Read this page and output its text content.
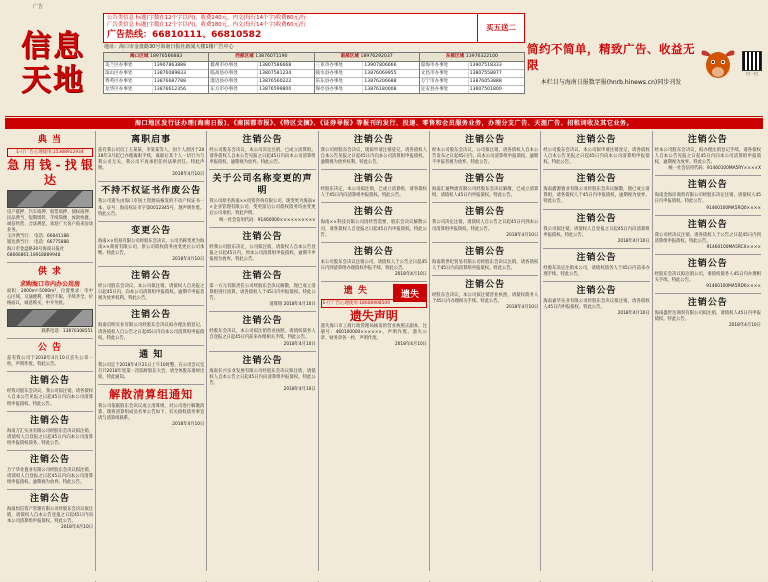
广告
信息
天地
公告类信息 标题(字数在12个字以内)，收费240元，内文(每行14个字)收费80元/行
广告类信息 标题(字数在12个字以内)，收费180元，内文(每行14个字)收费60元/行
广告热线：66810111、66810582
买五送二
地址：海口市金盘路30号海南日报社新闻大楼1楼广告中心
海口区域 18976566883
美兰区办事处	13907863888
琼山区办事处	13876089833
秀英区办事处	13876687788
龙华区办事处	13876612356
西部区域 13876071190
儋州市办事处	13807586668
临高县办事处	13807581234
澄迈县办事处	13876560222
东方市办事处	13876599800
南部区域 18976292037
三亚市办事处	13907806666
陵水县办事处	13876069955
乐东县办事处	13876206688
保亭县办事处	13876180008
东部区域 13976322100
琼海市办事处	13907518333
文昌市办事处	13807558877
万宁市办事处	13876053888
定安县办事处	13607501800
简约不简单，精致广告、收益无限
本栏目与海南日报数字报(hnrb.hinews.cn)同步刊发
扫一扫
海口地区发行证办理(海南日报)、《南国都市报》、《特区文摘》、《证券导报》等报刊的发行、投递、零售和会员服务业务，办理分支广告、天涯广告、招租词收及其它业务。
典 当
E-厅广告心理使用:15388912934
急 用 钱 - 找 银 达
房产抵押、汽车质押、股票质押、债权质押、民品典当、短期周转、手续简便、放款快捷。诚信经营、合法规范，欢迎广大客户前来洽谈业务。
玉沙典当行： 电话：66841188
银达典当行： 电话：66775888
海口市金盘路30号海南日报社
68666861,18918889948
供 求
求购海口市内办公用房
面积：2000m²-5000m²，位置要求：市中心区域，交通便利，楼层不限，手续齐全，价格面议，诚意购买，中介勿扰。
联系电话：13870308551
公 告
兹有我公司于2018年4月10日丢失公章一枚，声明作废。特此公告。
注销公告
经我司股东会决议，我公司拟注销，请各债权人自本公告见报之日起45日内向本公司清算组申报债权。特此公告。
注销公告
海南万汇实业有限公司经股东会决议拟注销，请债权人自登报之日起45日内向本公司清算组申报债权债务。特此公告。
注销公告
万宁华业置业有限公司经股东会决议拟注销，请债权人自登报之日起45日内向本公司清算组申报债权，逾期视为放弃。特此公告。
注销公告
海南恒信资产管理有限公司经股东会决议拟注销，请债权人自本公告登报之日起45日内向本公司清算组申报债权。特此公告。
2018年4月10日
离职启事
兹有我公司员工王某某、李某某等人，因个人原因于2018年3月起已办理离职手续，离职后其个人一切行为与我公司无关，我公司不再承担任何法律责任。特此声明。
2018年4月10日
不持不权证书作废公告
我公司遗失由海口市国土资源局核发的不动产权证书一本，证号：海房权证市字第0012345号，现声明作废。特此公告。
变更公告
海南××贸易有限公司经股东会决议，公司名称变更为海南××商贸有限公司，原公司债权债务由变更后公司承继。特此公告。
2018年4月10日
注销公告
经公司股东会决议，本公司拟注销。请债权人自见报之日起45日内，向本公司清算组申报债权。逾期不申报者视为放弃权利。特此公告。
注销公告
海南启明实业有限公司经股东会决议拟办理注销登记，请各债权人自公告之日起45日内向本公司清算组申报债权。特此公告。
通 知
我公司定于2018年4月21日上午10时整，在公司会议室召开2018年度第一次临时股东大会，请全体股东准时出席。特此通知。
解散清算组通知
我公司依据股东会决议成立清算组，对公司进行解散清算，现将清算组成员名单公告如下，有关债权债务事宜请与清算组联系。
2018年4月10日
注销公告
经公司股东会决议，本公司决定注销，已成立清算组。请各债权人自本公告见报之日起45日内向本公司清算组申报债权，逾期视为放弃。特此公告。
关于公司名称变更的声明
我公司原名海南××投资咨询有限公司，现变更为海南××企业管理有限公司，变更前后公司债权债务均由变更后公司承担。特此声明。
统一社会信用代码：91460000××××××××××
注销公告
经我公司股东决定，公司拟注销，请债权人自本公告登报之日起45日内，到本公司清算组申报债权，逾期不申报视为放弃。特此公告。
注销公告
第一方元有限责任公司经股东会决议解散，现已成立清算组进行清算，请各债权人于45日内申报债权。特此公告。
清算组 2018年4月10日
注销公告
经股东会决议，本公司拟注销营业执照，请债权债务人自登报之日起45日内前来办理相关手续。特此公告。
2018年4月10日
注销公告
海南长兴实业发展有限公司经股东会决议拟注销，请债权人自本公告之日起45日内向清算组申报债权。特此公告。
2018年4月10日
注销公告
我公司经股东会决议，现拟申请注销登记，请各债权人自本公告见报之日起45日内向本公司清算组申报债权，逾期视为放弃权利。特此公告。
注销公告
经股东决定，本公司拟注销，已成立清算组，请各债权人于45日内向清算组申报债权。特此公告。
注销公告
海南××科技有限公司因经营需要，股东会决议解散公司，请各债权人自登报之日起45日内申报债权。特此公告。
注销公告
本公司股东会决议注销公司，请债权人于公告之日起45日内到清算组办理债权申报手续。特此公告。
2018年4月10日
遗失
遗 失
E-厅广告心理使用:18608908509
遗失声明
遗失海口市工商行政管理局核发的营业执照正副本，注册号：460100000××××××，声明作废。遗失公章、财务章各一枚，声明作废。
2018年4月10日
注销公告
经本公司股东会决议，公司拟注销，请各债权人自本公告发布之日起45日内，向本公司清算组申报债权，逾期不申报者视为放弃。特此公告。
注销公告
海南汇通物流有限公司经股东会决议解散，已成立清算组，请债权人45日内申报债权。特此公告。
注销公告
我公司决定注销，请债权人自公告之日起45日内到本公司清算组申报债权。特此公告。
2018年4月10日
注销公告
海南新世纪贸易有限公司经股东会决议注销，请各债权人于45日内向清算组申报债权。特此公告。
注销公告
经股东会决议，本公司拟注销营业执照，请债权债务人于45日内办理相关手续。特此公告。
2018年4月10日
注销公告
经公司股东会决议，本公司拟申请注销登记，请各债权人自本公告见报之日起45日内向本公司清算组申报债权。特此公告。
注销公告
海南鑫源置业有限公司经股东会决议解散，现已成立清算组，请各债权人于45日内申报债权，逾期视为放弃。特此公告。
注销公告
我公司拟注销，请债权人自登报之日起45日内向清算组申报债权。特此公告。
2018年4月10日
注销公告
经股东决定注销本公司，请债权债务人于45日内前来办理手续。特此公告。
注销公告
海南嘉华实业有限公司经股东会决议拟注销，请各债权人45日内申报债权。特此公告。
2018年4月10日
注销公告
经本公司股东会决议，拟办理注销登记手续，请各债权人自本公告见报之日起45日内向本公司清算组申报债权，逾期视为放弃。特此公告。
统一社会信用代码：91460100MA5RY××××X
注销公告
海南金海岸商贸有限公司经股东决定注销，请债权人45日内申报债权。特此公告。
91460100MA5RQ0××××
注销公告
我公司经决议注销，请各债权人于公告之日起45日内到清算组申报债权。特此公告。
91460100MA5RCX××××
注销公告
经股东会决议拟注销公司，请债权债务人45日内办理相关手续。特此公告。
91460100MA5RD6××××
注销公告
海南盛世达商贸有限公司拟注销，请债权人45日内申报债权。特此公告。
2018年4月10日
